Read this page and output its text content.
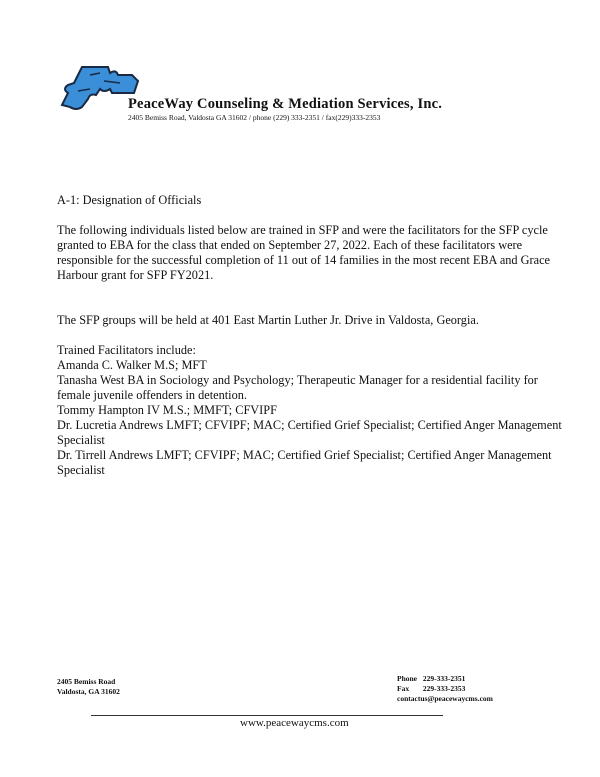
PeaceWay Counseling & Mediation Services, Inc.
2405 Bemiss Road, Valdosta GA 31602 / phone (229) 333-2351 / fax(229)333-2353
A-1: Designation of Officials
The following individuals listed below are trained in SFP and were the facilitators for the SFP cycle
granted to EBA for the class that ended on September 27, 2022. Each of these facilitators were
responsible for the successful completion of 11 out of 14 families in the most recent EBA and Grace
Harbour grant for SFP FY2021.
The SFP groups will be held at 401 East Martin Luther Jr. Drive in Valdosta, Georgia.
Trained Facilitators include:
Amanda C. Walker M.S; MFT
Tanasha West BA in Sociology and Psychology; Therapeutic Manager for a residential facility for
female juvenile offenders in detention.
Tommy Hampton IV M.S.; MMFT; CFVIPF
Dr. Lucretia Andrews LMFT; CFVIPF; MAC; Certified Grief Specialist; Certified Anger Management
Specialist
Dr. Tirrell Andrews LMFT; CFVIPF; MAC; Certified Grief Specialist; Certified Anger Management
Specialist
2405 Bemiss Road
Valdosta, GA 31602
Phone 229-333-2351
Fax 229-333-2353
contactus@peacewaycms.com
www.peacewaycms.com
